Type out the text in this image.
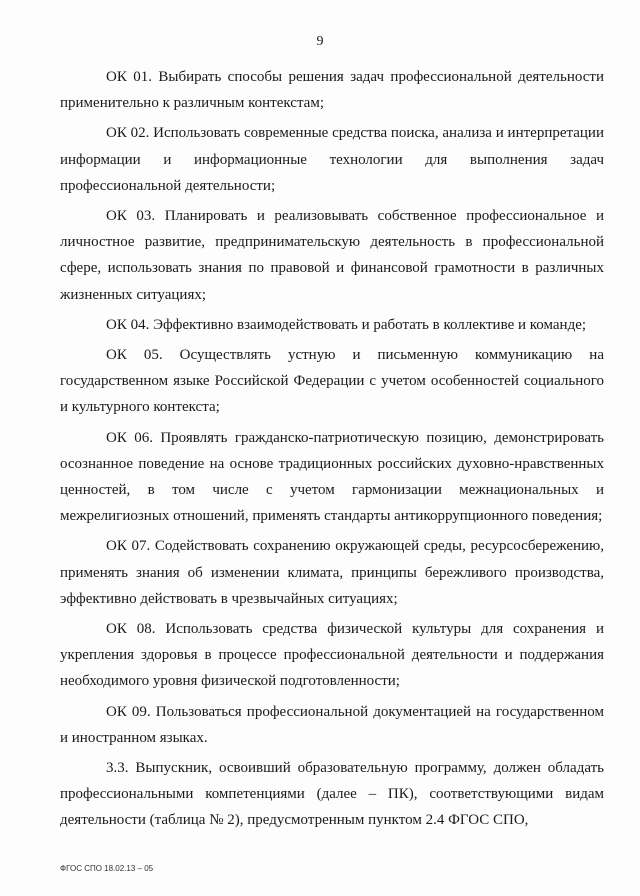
9

ОК 01. Выбирать способы решения задач профессиональной деятельности применительно к различным контекстам;

ОК 02. Использовать современные средства поиска, анализа и интерпретации информации и информационные технологии для выполнения задач профессиональной деятельности;

ОК 03. Планировать и реализовывать собственное профессиональное и личностное развитие, предпринимательскую деятельность в профессиональной сфере, использовать знания по правовой и финансовой грамотности в различных жизненных ситуациях;

ОК 04. Эффективно взаимодействовать и работать в коллективе и команде;

ОК 05. Осуществлять устную и письменную коммуникацию на государственном языке Российской Федерации с учетом особенностей социального и культурного контекста;

ОК 06. Проявлять гражданско-патриотическую позицию, демонстрировать осознанное поведение на основе традиционных российских духовно-нравственных ценностей, в том числе с учетом гармонизации межнациональных и межрелигиозных отношений, применять стандарты антикоррупционного поведения;

ОК 07. Содействовать сохранению окружающей среды, ресурсосбережению, применять знания об изменении климата, принципы бережливого производства, эффективно действовать в чрезвычайных ситуациях;

ОК 08. Использовать средства физической культуры для сохранения и укрепления здоровья в процессе профессиональной деятельности и поддержания необходимого уровня физической подготовленности;

ОК 09. Пользоваться профессиональной документацией на государственном и иностранном языках.

3.3. Выпускник, освоивший образовательную программу, должен обладать профессиональными компетенциями (далее – ПК), соответствующими видам деятельности (таблица № 2), предусмотренным пунктом 2.4 ФГОС СПО,

ФГОС СПО 18.02.13 – 05
